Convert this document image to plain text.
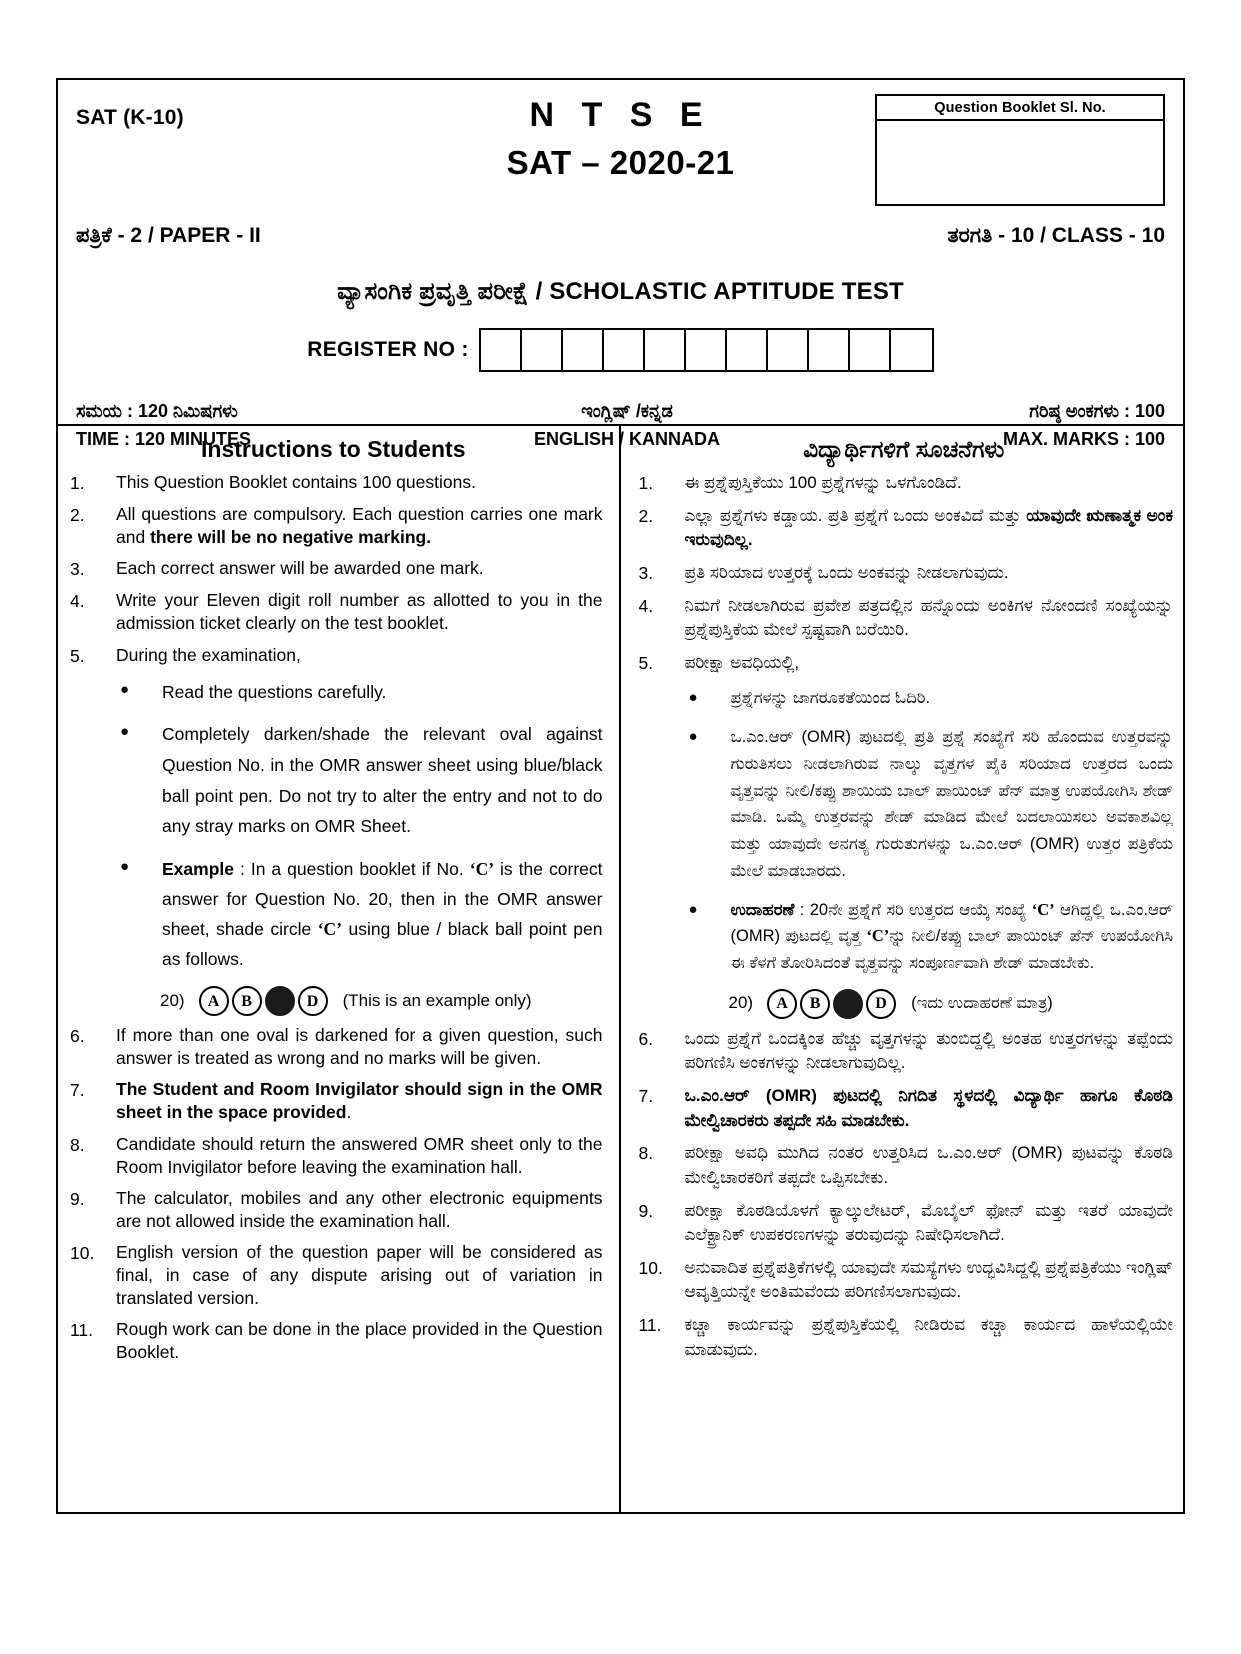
SAT (K-10)	N T S E
SAT – 2020-21
Question Booklet Sl. No.
ಪತ್ರಿಕೆ - 2 / PAPER - II	ತರಗತಿ - 10 / CLASS - 10
ವ್ಯಾಸಂಗಿಕ ಪ್ರವೃತ್ತಿ ಪರೀಕ್ಷೆ / SCHOLASTIC APTITUDE TEST
REGISTER NO :
ಸಮಯ : 120 ನಿಮಿಷಗಳು
TIME : 120 MINUTES
ಇಂಗ್ಲಿಷ್ /ಕನ್ನಡ
ENGLISH / KANNADA
ಗರಿಷ್ಠ ಅಂಕಗಳು : 100
MAX. MARKS : 100
Instructions to Students
1.	This Question Booklet contains 100 questions.
2.	All questions are compulsory. Each question carries one mark and there will be no negative marking.
3.	Each correct answer will be awarded one mark.
4.	Write your Eleven digit roll number as allotted to you in the admission ticket clearly on the test booklet.
5.	During the examination,
●	Read the questions carefully.
●	Completely darken/shade the relevant oval against Question No. in the OMR answer sheet using blue/black ball point pen. Do not try to alter the entry and not to do any stray marks on OMR Sheet.
●	Example : In a question booklet if No. ‘C’ is the correct answer for Question No. 20, then in the OMR answer sheet, shade circle ‘C’ using blue / black ball point pen as follows.
20)	A	B	D	(This is an example only)
6.	If more than one oval is darkened for a given question, such answer is treated as wrong and no marks will be given.
7.	The Student and Room Invigilator should sign in the OMR sheet in the space provided.
8.	Candidate should return the answered OMR sheet only to the Room Invigilator before leaving the examination hall.
9.	The calculator, mobiles and any other electronic equipments are not allowed inside the examination hall.
10.	English version of the question paper will be considered as final, in case of any dispute arising out of variation in translated version.
11.	Rough work can be done in the place provided in the Question Booklet.
ವಿದ್ಯಾರ್ಥಿಗಳಿಗೆ ಸೂಚನೆಗಳು
1.	ಈ ಪ್ರಶ್ನೆಪುಸ್ತಿಕೆಯು 100 ಪ್ರಶ್ನೆಗಳನ್ನು ಒಳಗೊಂಡಿದೆ.
2.	ಎಲ್ಲಾ ಪ್ರಶ್ನೆಗಳು ಕಡ್ಡಾಯ. ಪ್ರತಿ ಪ್ರಶ್ನೆಗೆ ಒಂದು ಅಂಕವಿದೆ ಮತ್ತು ಯಾವುದೇ ಋಣಾತ್ಮಕ ಅಂಕ ಇರುವುದಿಲ್ಲ.
3.	ಪ್ರತಿ ಸರಿಯಾದ ಉತ್ತರಕ್ಕೆ ಒಂದು ಅಂಕವನ್ನು ನೀಡಲಾಗುವುದು.
4.	ನಿಮಗೆ ನೀಡಲಾಗಿರುವ ಪ್ರವೇಶ ಪತ್ರದಲ್ಲಿನ ಹನ್ನೊಂದು ಅಂಕಿಗಳ ನೋಂದಣಿ ಸಂಖ್ಯೆಯನ್ನು ಪ್ರಶ್ನೆಪುಸ್ತಿಕೆಯ ಮೇಲೆ ಸ್ಪಷ್ಟವಾಗಿ ಬರೆಯಿರಿ.
5.	ಪರೀಕ್ಷಾ ಅವಧಿಯಲ್ಲಿ,
●	ಪ್ರಶ್ನೆಗಳನ್ನು ಜಾಗರೂಕತೆಯಿಂದ ಓದಿರಿ.
●	ಒ.ಎಂ.ಆರ್ (OMR) ಪುಟದಲ್ಲಿ ಪ್ರತಿ ಪ್ರಶ್ನೆ ಸಂಖ್ಯೆಗೆ ಸರಿ ಹೊಂದುವ ಉತ್ತರವನ್ನು ಗುರುತಿಸಲು ನೀಡಲಾಗಿರುವ ನಾಲ್ಕು ವೃತ್ತಗಳ ಪೈಕಿ ಸರಿಯಾದ ಉತ್ತರದ ಒಂದು ವೃತ್ತವನ್ನು ನೀಲಿ/ಕಪ್ಪು ಶಾಯಿಯ ಬಾಲ್ ಪಾಯಿಂಟ್ ಪೆನ್ ಮಾತ್ರ ಉಪಯೋಗಿಸಿ ಶೇಡ್ ಮಾಡಿ. ಒಮ್ಮೆ ಉತ್ತರವನ್ನು ಶೇಡ್ ಮಾಡಿದ ಮೇಲೆ ಬದಲಾಯಿಸಲು ಅವಕಾಶವಿಲ್ಲ ಮತ್ತು ಯಾವುದೇ ಅನಗತ್ಯ ಗುರುತುಗಳನ್ನು ಒ.ಎಂ.ಆರ್ (OMR) ಉತ್ತರ ಪತ್ರಿಕೆಯ ಮೇಲೆ ಮಾಡಬಾರದು.
●	ಉದಾಹರಣೆ : 20ನೇ ಪ್ರಶ್ನೆಗೆ ಸರಿ ಉತ್ತರದ ಆಯ್ಕೆ ಸಂಖ್ಯೆ ‘C’ ಆಗಿದ್ದಲ್ಲಿ ಒ.ಎಂ.ಆರ್ (OMR) ಪುಟದಲ್ಲಿ ವೃತ್ತ ‘C’ನ್ನು ನೀಲಿ/ಕಪ್ಪು ಬಾಲ್ ಪಾಯಿಂಟ್ ಪೆನ್ ಉಪಯೋಗಿಸಿ ಈ ಕೆಳಗೆ ತೋರಿಸಿದಂತೆ ವೃತ್ತವನ್ನು ಸಂಪೂರ್ಣವಾಗಿ ಶೇಡ್ ಮಾಡಬೇಕು.
20)	A	B	D	(ಇದು ಉದಾಹರಣೆ ಮಾತ್ರ)
6.	ಒಂದು ಪ್ರಶ್ನೆಗೆ ಒಂದಕ್ಕಿಂತ ಹೆಚ್ಚು ವೃತ್ತಗಳನ್ನು ತುಂಬಿದ್ದಲ್ಲಿ ಅಂತಹ ಉತ್ತರಗಳನ್ನು ತಪ್ಪೆಂದು ಪರಿಗಣಿಸಿ ಅಂಕಗಳನ್ನು ನೀಡಲಾಗುವುದಿಲ್ಲ.
7.	ಒ.ಎಂ.ಆರ್ (OMR) ಪುಟದಲ್ಲಿ ನಿಗದಿತ ಸ್ಥಳದಲ್ಲಿ ವಿದ್ಯಾರ್ಥಿ ಹಾಗೂ ಕೊಠಡಿ ಮೇಲ್ವಿಚಾರಕರು ತಪ್ಪದೇ ಸಹಿ ಮಾಡಬೇಕು.
8.	ಪರೀಕ್ಷಾ ಅವಧಿ ಮುಗಿದ ನಂತರ ಉತ್ತರಿಸಿದ ಒ.ಎಂ.ಆರ್ (OMR) ಪುಟವನ್ನು ಕೊಠಡಿ ಮೇಲ್ವಿಚಾರಕರಿಗೆ ತಪ್ಪದೇ ಒಪ್ಪಿಸಬೇಕು.
9.	ಪರೀಕ್ಷಾ ಕೊಠಡಿಯೊಳಗೆ ಕ್ಯಾಲ್ಕುಲೇಟರ್, ಮೊಬೈಲ್ ಫೋನ್ ಮತ್ತು ಇತರೆ ಯಾವುದೇ ಎಲೆಕ್ಟ್ರಾನಿಕ್ ಉಪಕರಣಗಳನ್ನು ತರುವುದನ್ನು ನಿಷೇಧಿಸಲಾಗಿದೆ.
10.	ಅನುವಾದಿತ ಪ್ರಶ್ನೆಪತ್ರಿಕೆಗಳಲ್ಲಿ ಯಾವುದೇ ಸಮಸ್ಯೆಗಳು ಉದ್ಭವಿಸಿದ್ದಲ್ಲಿ ಪ್ರಶ್ನೆಪತ್ರಿಕೆಯು ಇಂಗ್ಲಿಷ್ ಆವೃತ್ತಿಯನ್ನೇ ಅಂತಿಮವೆಂದು ಪರಿಗಣಿಸಲಾಗುವುದು.
11.	ಕಚ್ಚಾ ಕಾರ್ಯವನ್ನು ಪ್ರಶ್ನೆಪುಸ್ತಿಕೆಯಲ್ಲಿ ನೀಡಿರುವ ಕಚ್ಚಾ ಕಾರ್ಯದ ಹಾಳೆಯಲ್ಲಿಯೇ ಮಾಡುವುದು.
